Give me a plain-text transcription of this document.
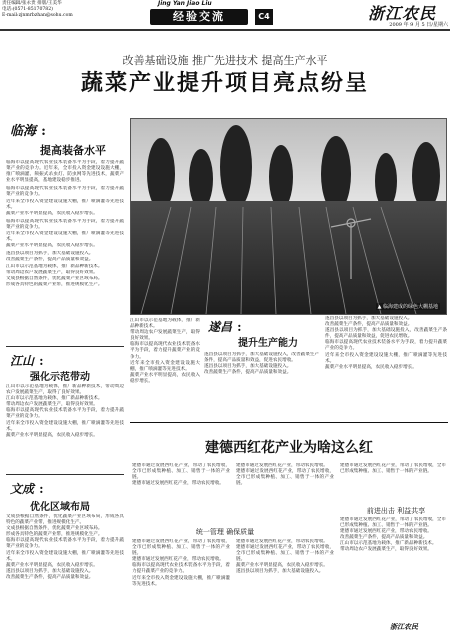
责任编辑/张永贵 排版/王美华
电话:(0571-85170782)
E-mail:zjnmrbzhan@sohu.com
Jing Yan Jiao Liu
经验交流	C4	浙江农民
2009 年 9 月 5 日/星期六
改善基础设施 推广先进技术 提高生产水平
蔬菜产业提升项目亮点纷呈
临海 :
提高装备水平
临海市以提高现代农业技术装备水平为手段，着力提升蔬菜产业的竞争力。近年来，全市投入资金建设设施大棚，推广喷滴灌、频振式杀虫灯、防虫网等先进技术，蔬菜产业水平明显提高，基地建设稳步推进。
临海市以提高现代农业技术装备水平为手段，着力提升蔬菜产业的竞争力。
近年来全市投入资金建设设施大棚，推广喷滴灌等先进技术。
蔬菜产业水平明显提高，农民收入稳步增长。
临海市以提高现代农业技术装备水平为手段，着力提升蔬菜产业的竞争力。
近年来全市投入资金建设设施大棚，推广喷滴灌等先进技术。
蔬菜产业水平明显提高，农民收入稳步增长。
遂昌县以项目为抓手，加大基础设施投入。
改善蔬菜生产条件，提高产品质量和效益。
江山市以示范基地为载体，推广新品种新技术。
带动周边农户发展蔬菜生产，取得良好效果。
文成县根据自然条件，优化蔬菜产业区域布局。
形成各具特色的蔬菜产业带，推进规模化生产。
▲ 临海建成的绿色大棚基地
遂昌 :
提升生产能力
遂昌县以项目为抓手，加大基础设施投入，改善蔬菜生产条件，提高产品质量和效益，促进农民增收。
遂昌县以项目为抓手，加大基础设施投入。
改善蔬菜生产条件，提高产品质量和效益。
遂昌县以项目为抓手，加大基础设施投入。
改善蔬菜生产条件，提高产品质量和效益。
遂昌县以项目为抓手，加大基础设施投入，改善蔬菜生产条件，提高产品质量和效益，促进农民增收。
临海市以提高现代农业技术装备水平为手段，着力提升蔬菜产业的竞争力。
近年来全市投入资金建设设施大棚，推广喷滴灌等先进技术。
蔬菜产业水平明显提高，农民收入稳步增长。
江山 :
强化示范带动
江山市以示范基地为载体，推广新品种新技术，带动周边农户发展蔬菜生产，取得了良好效果。
江山市以示范基地为载体，推广新品种新技术。
带动周边农户发展蔬菜生产，取得良好效果。
临海市以提高现代农业技术装备水平为手段，着力提升蔬菜产业的竞争力。
近年来全市投入资金建设设施大棚，推广喷滴灌等先进技术。
蔬菜产业水平明显提高，农民收入稳步增长。
文成 :
优化区域布局
文成县根据自然条件，优化蔬菜产业区域布局，形成各具特色的蔬菜产业带，推进规模化生产。
文成县根据自然条件，优化蔬菜产业区域布局。
形成各具特色的蔬菜产业带，推进规模化生产。
临海市以提高现代农业技术装备水平为手段，着力提升蔬菜产业的竞争力。
近年来全市投入资金建设设施大棚，推广喷滴灌等先进技术。
蔬菜产业水平明显提高，农民收入稳步增长。
遂昌县以项目为抓手，加大基础设施投入。
改善蔬菜生产条件，提高产品质量和效益。
江山市以示范基地为载体，推广新品种新技术。
带动周边农户发展蔬菜生产，取得良好效果。
临海市以提高现代农业技术装备水平为手段，着力提升蔬菜产业的竞争力。
近年来全市投入资金建设设施大棚，推广喷滴灌等先进技术。
蔬菜产业水平明显提高，农民收入稳步增长。
建德西红花产业为啥这么红
建德市通过发展西红花产业，带动了农民增收，全市已形成集种植、加工、销售于一体的产业链。
建德市通过发展西红花产业，带动农民增收。
建德市通过发展西红花产业，带动农民增收。
建德市通过发展西红花产业，带动了农民增收，全市已形成集种植、加工、销售于一体的产业链。
建德市通过发展西红花产业，带动了农民增收，全市已形成集种植、加工、销售于一体的产业链。
统一管理 确保质量
前进出击 利益共享
建德市通过发展西红花产业，带动了农民增收，全市已形成集种植、加工、销售于一体的产业链。
建德市通过发展西红花产业，带动农民增收。
临海市以提高现代农业技术装备水平为手段，着力提升蔬菜产业的竞争力。
近年来全市投入资金建设设施大棚，推广喷滴灌等先进技术。
建德市通过发展西红花产业，带动农民增收。
建德市通过发展西红花产业，带动了农民增收，全市已形成集种植、加工、销售于一体的产业链。
蔬菜产业水平明显提高，农民收入稳步增长。
遂昌县以项目为抓手，加大基础设施投入。
建德市通过发展西红花产业，带动了农民增收，全市已形成集种植、加工、销售于一体的产业链。
建德市通过发展西红花产业，带动农民增收。
改善蔬菜生产条件，提高产品质量和效益。
江山市以示范基地为载体，推广新品种新技术。
带动周边农户发展蔬菜生产，取得良好效果。
浙江农民
